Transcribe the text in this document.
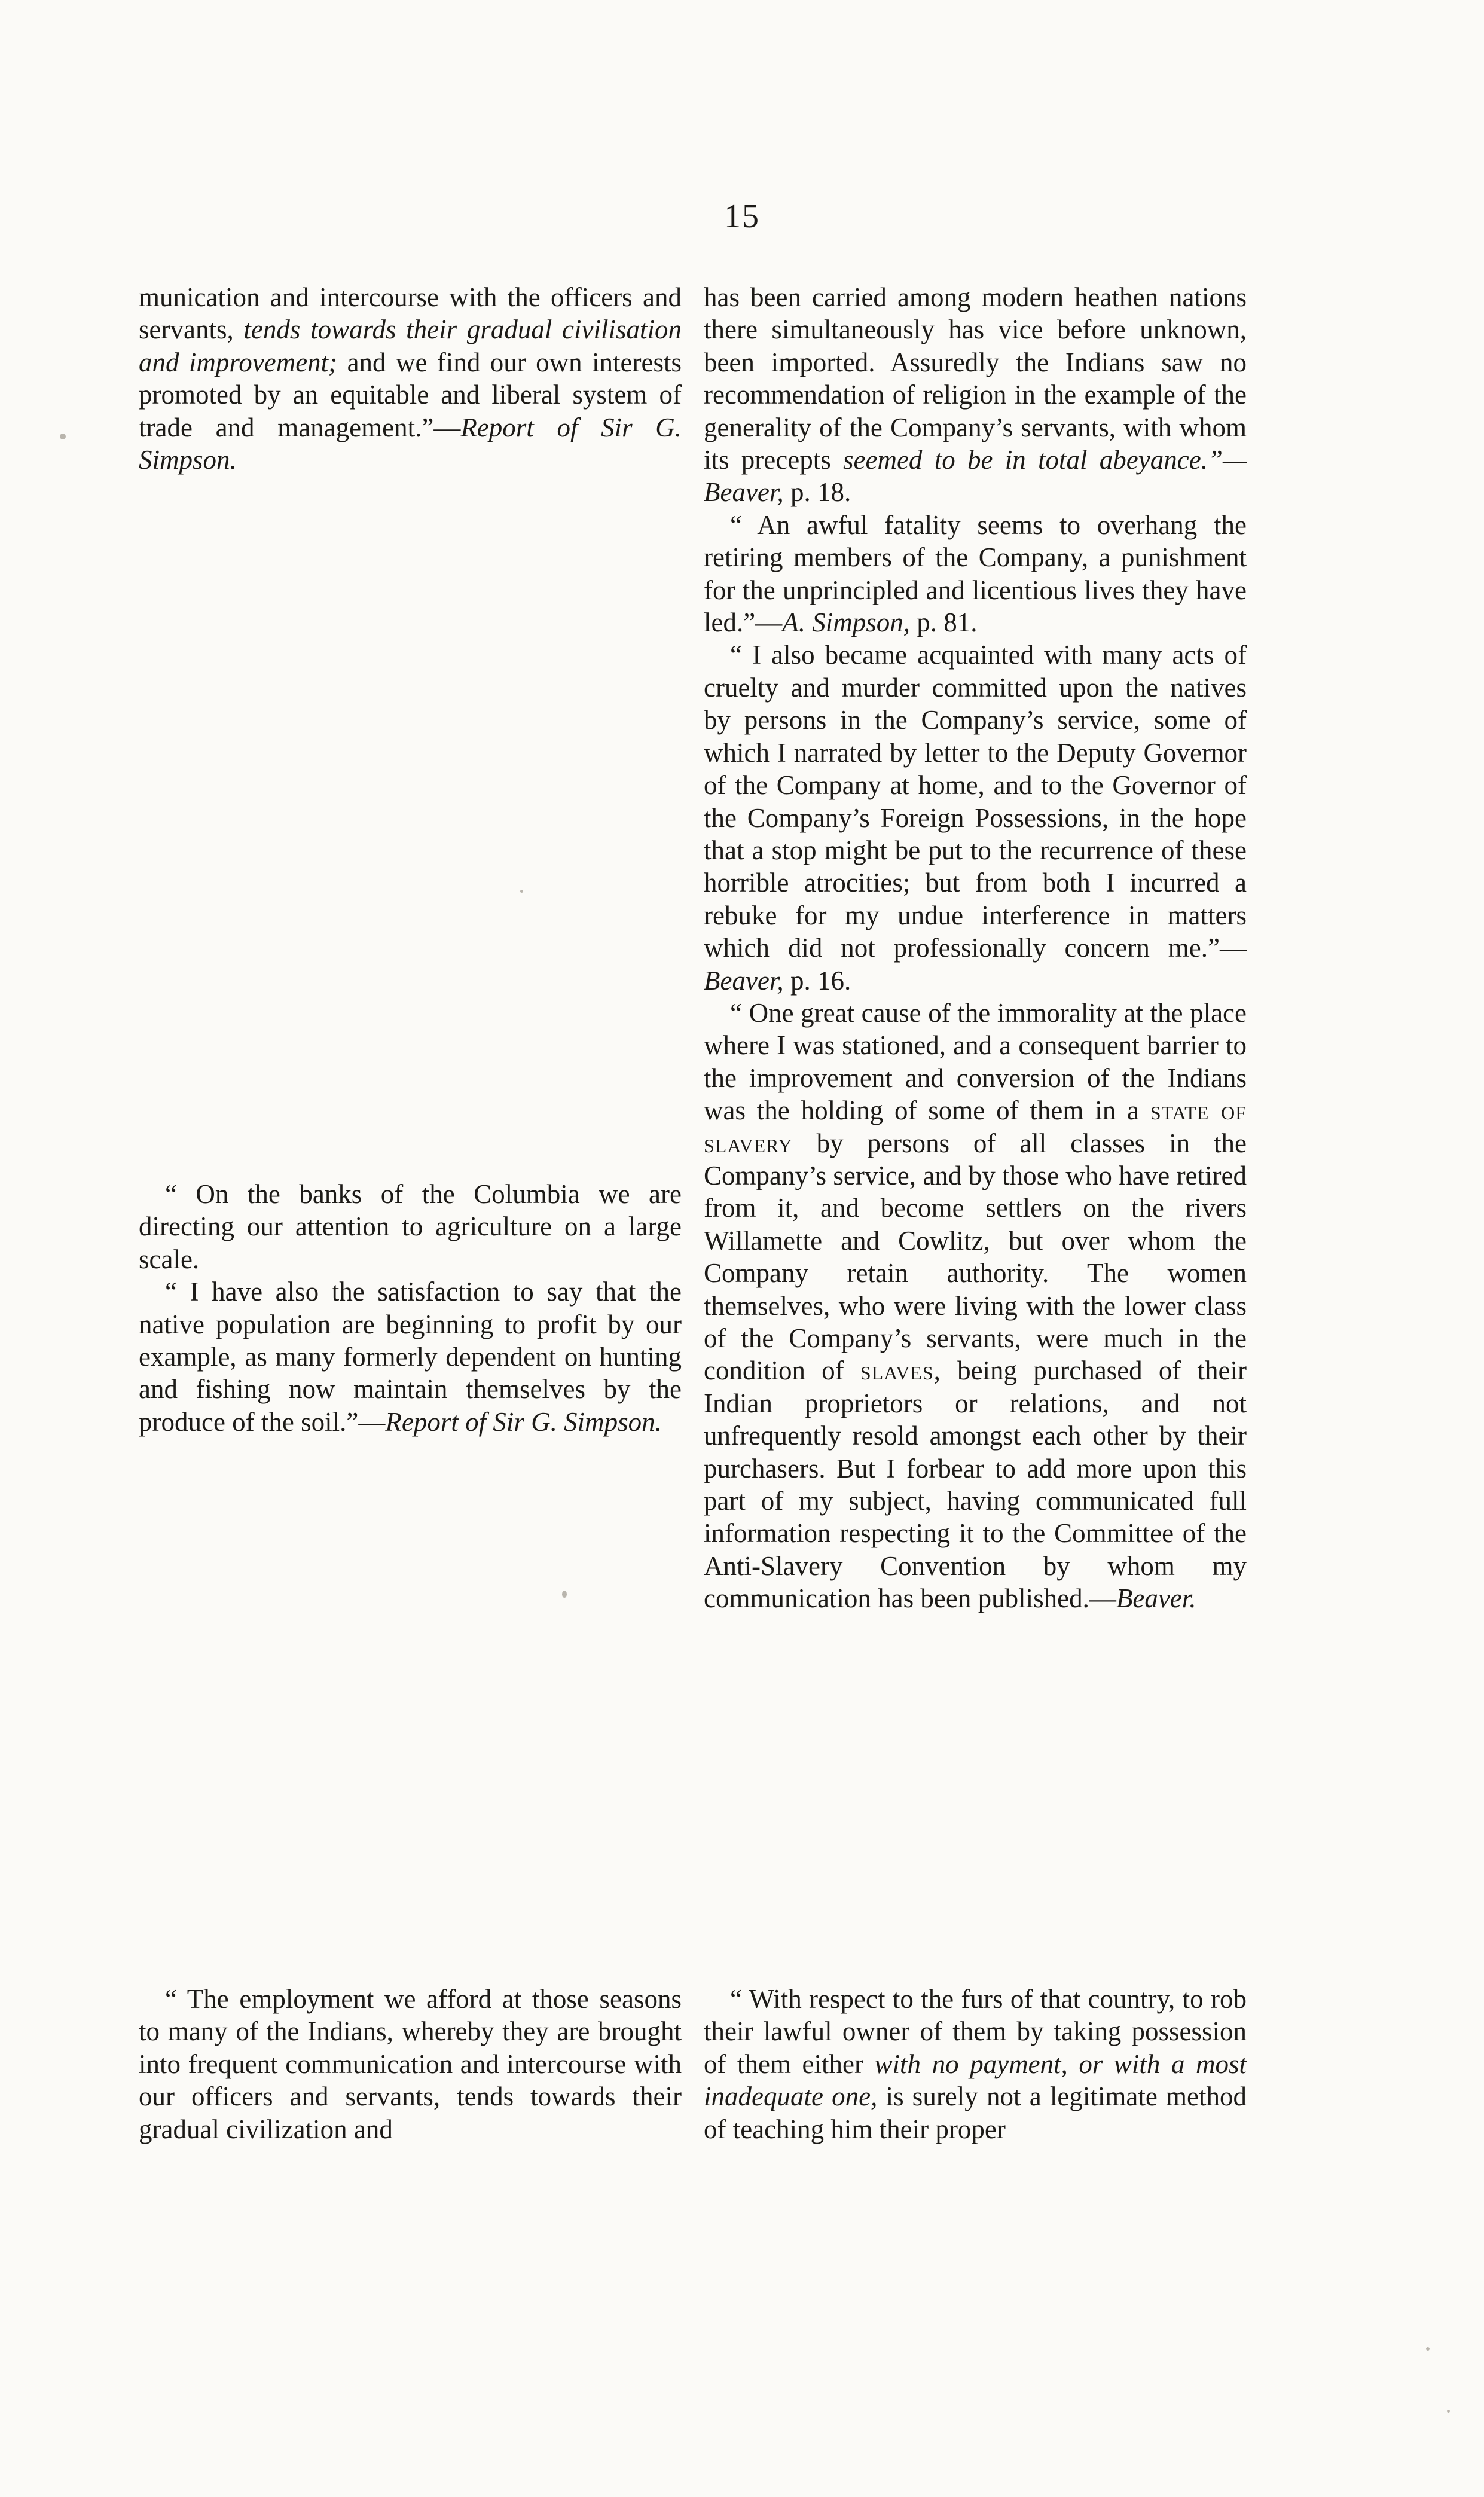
15

munication and intercourse with the officers and servants, tends towards their gradual civilisation and improvement; and we find our own interests promoted by an equitable and liberal system of trade and management.”—Report of Sir G. Simpson.

“ On the banks of the Columbia we are directing our attention to agriculture on a large scale.

“ I have also the satisfaction to say that the native population are beginning to profit by our example, as many formerly dependent on hunting and fishing now maintain themselves by the produce of the soil.”—Report of Sir G. Simpson.

“ The employment we afford at those seasons to many of the Indians, whereby they are brought into frequent communication and intercourse with our officers and servants, tends towards their gradual civilization and

has been carried among modern heathen nations there simultaneously has vice before unknown, been imported. Assuredly the Indians saw no recommendation of religion in the example of the generality of the Company’s servants, with whom its precepts seemed to be in total abeyance.”—Beaver, p. 18.

“ An awful fatality seems to overhang the retiring members of the Company, a punishment for the unprincipled and licentious lives they have led.”—A. Simpson, p. 81.

“ I also became acquainted with many acts of cruelty and murder committed upon the natives by persons in the Company’s service, some of which I narrated by letter to the Deputy Governor of the Company at home, and to the Governor of the Company’s Foreign Possessions, in the hope that a stop might be put to the recurrence of these horrible atrocities; but from both I incurred a rebuke for my undue interference in matters which did not professionally concern me.”—Beaver, p. 16.

“ One great cause of the immorality at the place where I was stationed, and a consequent barrier to the improvement and conversion of the Indians was the holding of some of them in a state of slavery by persons of all classes in the Company’s service, and by those who have retired from it, and become settlers on the rivers Willamette and Cowlitz, but over whom the Company retain authority. The women themselves, who were living with the lower class of the Company’s servants, were much in the condition of slaves, being purchased of their Indian proprietors or relations, and not unfrequently resold amongst each other by their purchasers. But I forbear to add more upon this part of my subject, having communicated full information respecting it to the Committee of the Anti-Slavery Convention by whom my communication has been published.—Beaver.

“ With respect to the furs of that country, to rob their lawful owner of them by taking possession of them either with no payment, or with a most inadequate one, is surely not a legitimate method of teaching him their proper
